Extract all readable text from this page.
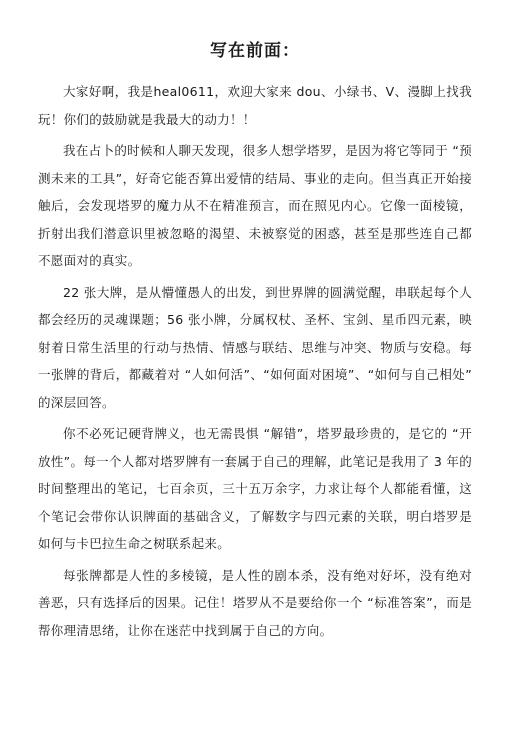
写在前面：

大家好啊，我是heal0611，欢迎大家来 dou、小绿书、V、漫脚上找我玩！你们的鼓励就是我最大的动力！！

我在占卜的时候和人聊天发现，很多人想学塔罗，是因为将它等同于 “预测未来的工具”，好奇它能否算出爱情的结局、事业的走向。但当真正开始接触后，会发现塔罗的魔力从不在精准预言，而在照见内心。它像一面棱镜，折射出我们潜意识里被忽略的渴望、未被察觉的困惑，甚至是那些连自己都不愿面对的真实。

22 张大牌，是从懵懂愚人的出发，到世界牌的圆满觉醒，串联起每个人都会经历的灵魂课题；56 张小牌，分属权杖、圣杯、宝剑、星币四元素，映射着日常生活里的行动与热情、情感与联结、思维与冲突、物质与安稳。每一张牌的背后，都藏着对 “人如何活”、“如何面对困境”、“如何与自己相处” 的深层回答。

你不必死记硬背牌义，也无需畏惧 “解错”，塔罗最珍贵的，是它的 “开放性”。每一个人都对塔罗牌有一套属于自己的理解，此笔记是我用了 3 年的时间整理出的笔记，七百余页，三十五万余字，力求让每个人都能看懂，这个笔记会带你认识牌面的基础含义，了解数字与四元素的关联，明白塔罗是如何与卡巴拉生命之树联系起来。

每张牌都是人性的多棱镜，是人性的剧本杀，没有绝对好坏，没有绝对善恶，只有选择后的因果。记住！塔罗从不是要给你一个 “标准答案”，而是帮你理清思绪，让你在迷茫中找到属于自己的方向。
